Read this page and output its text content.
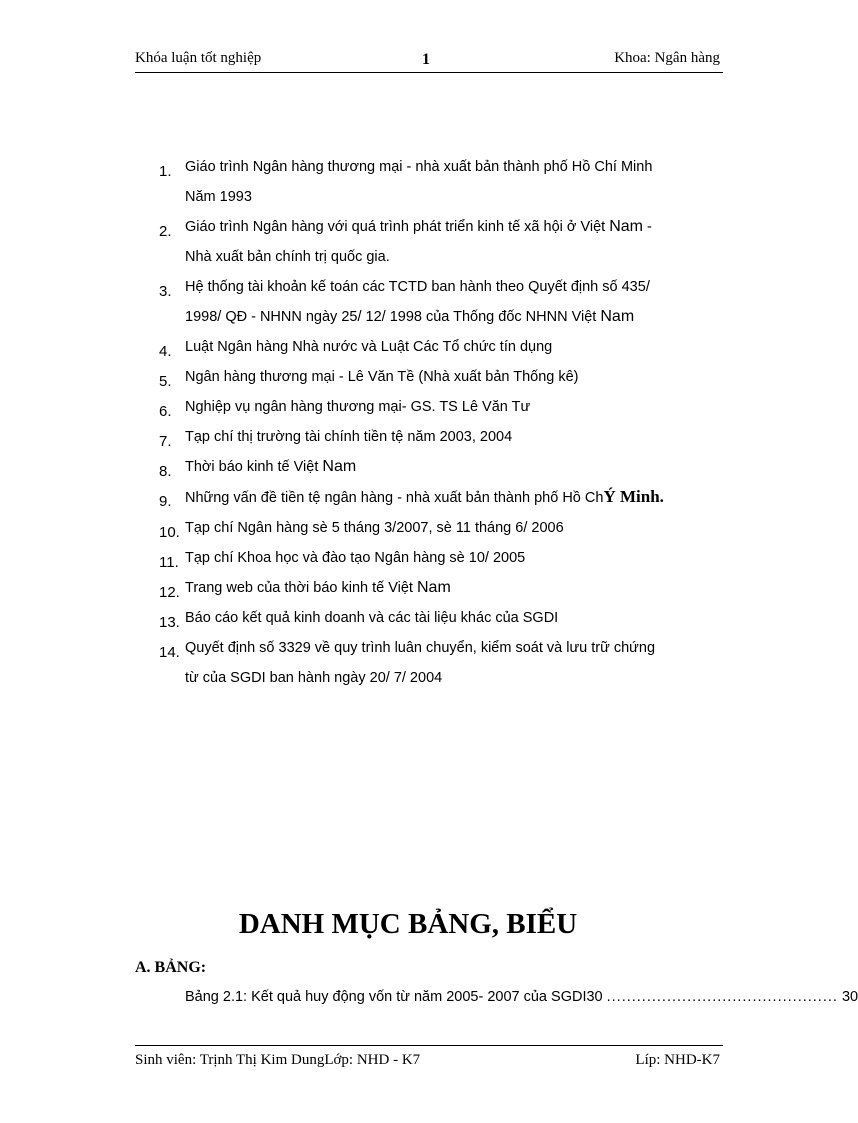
Khóa luận tốt nghiệp	1	Khoa: Ngân hàng
1. Giáo trình Ngân hàng thương mại - nhà xuất bản thành phố Hồ Chí Minh
Năm 1993
2. Giáo trình Ngân hàng với quá trình phát triển kinh tế xã hội ở Việt Nam -
Nhà xuất bản chính trị quốc gia.
3. Hệ thống tài khoản kế toán các TCTD ban hành theo Quyết định số 435/
1998/ QĐ - NHNN ngày 25/ 12/ 1998 của Thống đốc NHNN Việt Nam
4. Luật Ngân hàng Nhà nước và Luật Các Tổ chức tín dụng
5. Ngân hàng thương mại - Lê Văn Tề (Nhà xuất bản Thống kê)
6. Nghiệp vụ ngân hàng thương mại- GS. TS Lê Văn Tư
7. Tạp chí thị trường tài chính tiền tệ năm 2003, 2004
8. Thời báo kinh tế Việt Nam
9. Những vấn đề tiền tệ ngân hàng - nhà xuất bản thành phố Hồ ChÝ Minh.
10. Tạp chí Ngân hàng sè 5 tháng 3/2007, sè 11 tháng 6/ 2006
11. Tạp chí Khoa học và đào tạo Ngân hàng sè 10/ 2005
12. Trang web của thời báo kinh tế Việt Nam
13. Báo cáo kết quả kinh doanh và các tài liệu khác của SGDI
14. Quyết định số 3329 về quy trình luân chuyển, kiểm soát và lưu trữ chứng
từ của SGDI ban hành ngày 20/ 7/ 2004
DANH MỤC BẢNG, BIỂU
A. BẢNG:
Bảng 2.1: Kết quả huy động vốn từ năm 2005- 2007 của SGDI30 .............................................. 30
Sinh viên: Trịnh Thị Kim DungLớp: NHD - K7	Líp: NHD-K7
